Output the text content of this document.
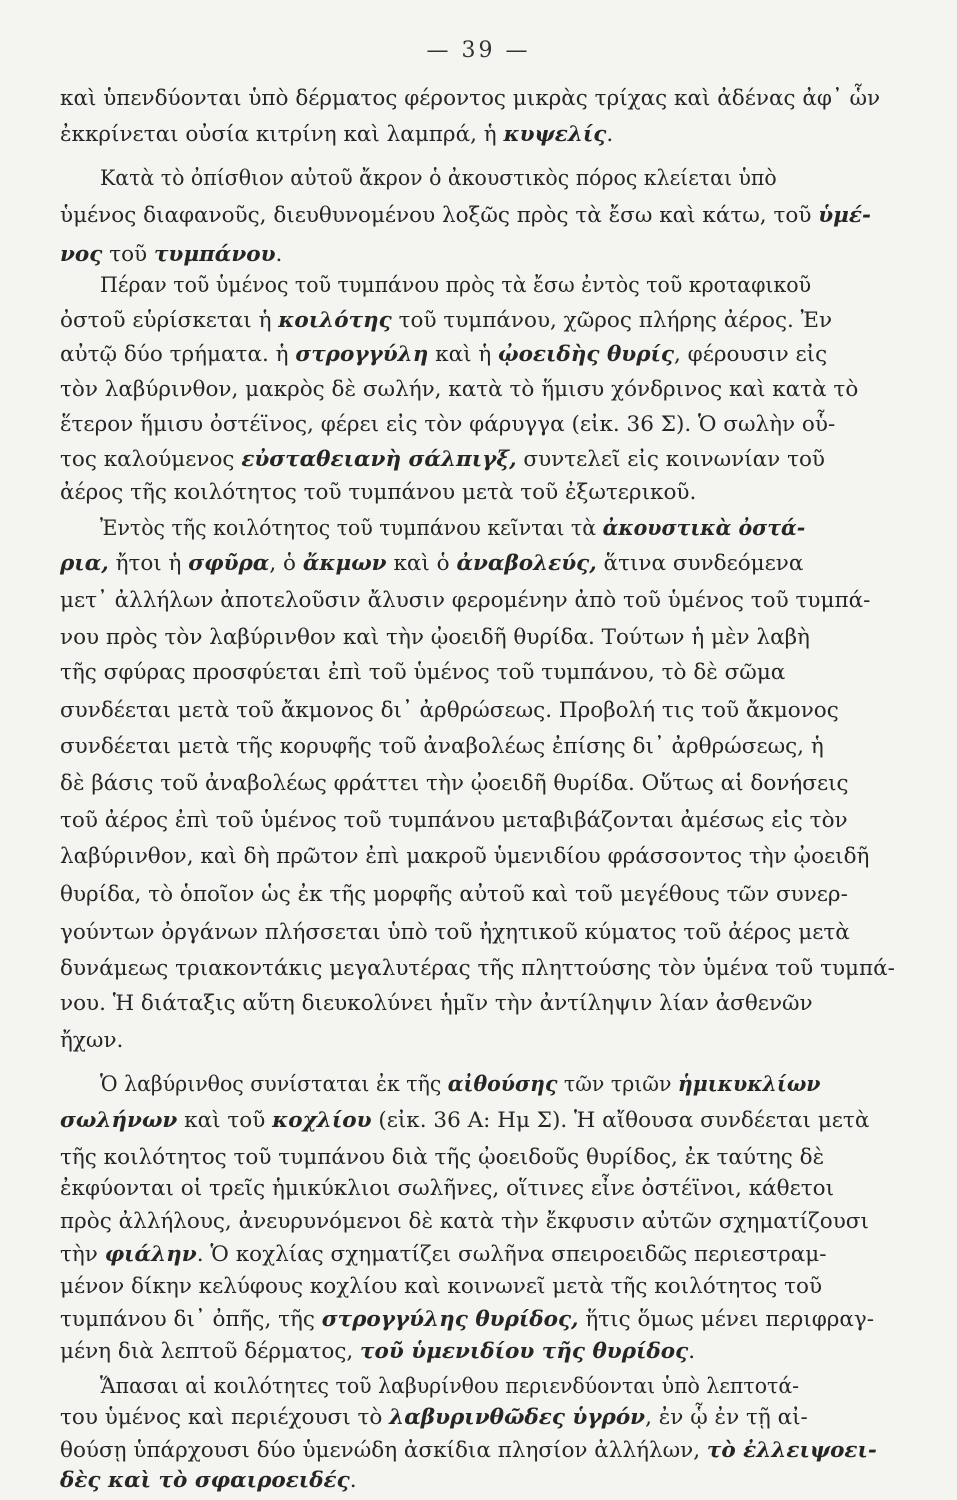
— 39 —
καὶ ὑπενδύονται ὑπὸ δέρματος φέροντος μικρὰς τρίχας καὶ ἀδένας ἀφ᾽ ὧν
ἐκκρίνεται οὐσία κιτρίνη καὶ λαμπρά, ἡ κυψελίς.
Κατὰ τὸ ὀπίσθιον αὐτοῦ ἄκρον ὁ ἀκουστικὸς πόρος κλείεται ὑπὸ
ὑμένος διαφανοῦς, διευθυνομένου λοξῶς πρὸς τὰ ἔσω καὶ κάτω, τοῦ ὑμέ-
νος τοῦ τυμπάνου.
Πέραν τοῦ ὑμένος τοῦ τυμπάνου πρὸς τὰ ἔσω ἐντὸς τοῦ κροταφικοῦ
ὀστοῦ εὑρίσκεται ἡ κοιλότης τοῦ τυμπάνου, χῶρος πλήρης ἀέρος. Ἐν
αὐτῷ δύο τρήματα. ἡ στρογγύλη καὶ ἡ ᾠοειδὴς θυρίς, φέρουσιν εἰς
τὸν λαβύρινθον, μακρὸς δὲ σωλήν, κατὰ τὸ ἥμισυ χόνδρινος καὶ κατὰ τὸ
ἕτερον ἥμισυ ὀστέϊνος, φέρει εἰς τὸν φάρυγγα (εἰκ. 36 Σ). Ὁ σωλὴν οὗ-
τος καλούμενος εὐσταθειανὴ σάλπιγξ, συντελεῖ εἰς κοινωνίαν τοῦ
ἀέρος τῆς κοιλότητος τοῦ τυμπάνου μετὰ τοῦ ἐξωτερικοῦ.
Ἐντὸς τῆς κοιλότητος τοῦ τυμπάνου κεῖνται τὰ ἀκουστικὰ ὀστά-
ρια, ἤτοι ἡ σφῦρα, ὁ ἄκμων καὶ ὁ ἀναβολεύς, ἅτινα συνδεόμενα
μετ᾽ ἀλλήλων ἀποτελοῦσιν ἄλυσιν φερομένην ἀπὸ τοῦ ὑμένος τοῦ τυμπά-
νου πρὸς τὸν λαβύρινθον καὶ τὴν ᾠοειδῆ θυρίδα. Τούτων ἡ μὲν λαβὴ
τῆς σφύρας προσφύεται ἐπὶ τοῦ ὑμένος τοῦ τυμπάνου, τὸ δὲ σῶμα
συνδέεται μετὰ τοῦ ἄκμονος δι᾽ ἀρθρώσεως. Προβολή τις τοῦ ἄκμονος
συνδέεται μετὰ τῆς κορυφῆς τοῦ ἀναβολέως ἐπίσης δι᾽ ἀρθρώσεως, ἡ
δὲ βάσις τοῦ ἀναβολέως φράττει τὴν ᾠοειδῆ θυρίδα. Οὕτως αἱ δονήσεις
τοῦ ἀέρος ἐπὶ τοῦ ὑμένος τοῦ τυμπάνου μεταβιβάζονται ἀμέσως εἰς τὸν
λαβύρινθον, καὶ δὴ πρῶτον ἐπὶ μακροῦ ὑμενιδίου φράσσοντος τὴν ᾠοειδῆ
θυρίδα, τὸ ὁποῖον ὡς ἐκ τῆς μορφῆς αὐτοῦ καὶ τοῦ μεγέθους τῶν συνερ-
γούντων ὀργάνων πλήσσεται ὑπὸ τοῦ ἠχητικοῦ κύματος τοῦ ἀέρος μετὰ
δυνάμεως τριακοντάκις μεγαλυτέρας τῆς πληττούσης τὸν ὑμένα τοῦ τυμπά-
νου. Ἡ διάταξις αὕτη διευκολύνει ἡμῖν τὴν ἀντίληψιν λίαν ἀσθενῶν
ἤχων.
Ὁ λαβύρινθος συνίσταται ἐκ τῆς αἰθούσης τῶν τριῶν ἡμικυκλίων
σωλήνων καὶ τοῦ κοχλίου (εἰκ. 36 Α: Ημ Σ). Ἡ αἴθουσα συνδέεται μετὰ
τῆς κοιλότητος τοῦ τυμπάνου διὰ τῆς ᾠοειδοῦς θυρίδος, ἐκ ταύτης δὲ
ἐκφύονται οἱ τρεῖς ἡμικύκλιοι σωλῆνες, οἵτινες εἶνε ὀστέϊνοι, κάθετοι
πρὸς ἀλλήλους, ἀνευρυνόμενοι δὲ κατὰ τὴν ἔκφυσιν αὐτῶν σχηματίζουσι
τὴν φιάλην. Ὁ κοχλίας σχηματίζει σωλῆνα σπειροειδῶς περιεστραμ-
μένον δίκην κελύφους κοχλίου καὶ κοινωνεῖ μετὰ τῆς κοιλότητος τοῦ
τυμπάνου δι᾽ ὀπῆς, τῆς στρογγύλης θυρίδος, ἥτις ὅμως μένει περιφραγ-
μένη διὰ λεπτοῦ δέρματος, τοῦ ὑμενιδίου τῆς θυρίδος.
Ἅπασαι αἱ κοιλότητες τοῦ λαβυρίνθου περιενδύονται ὑπὸ λεπτοτά-
του ὑμένος καὶ περιέχουσι τὸ λαβυρινθῶδες ὑγρόν, ἐν ᾧ ἐν τῇ αἰ-
θούσῃ ὑπάρχουσι δύο ὑμενώδη ἀσκίδια πλησίον ἀλλήλων, τὸ ἐλλειψοει-
δὲς καὶ τὸ σφαιροειδές.
